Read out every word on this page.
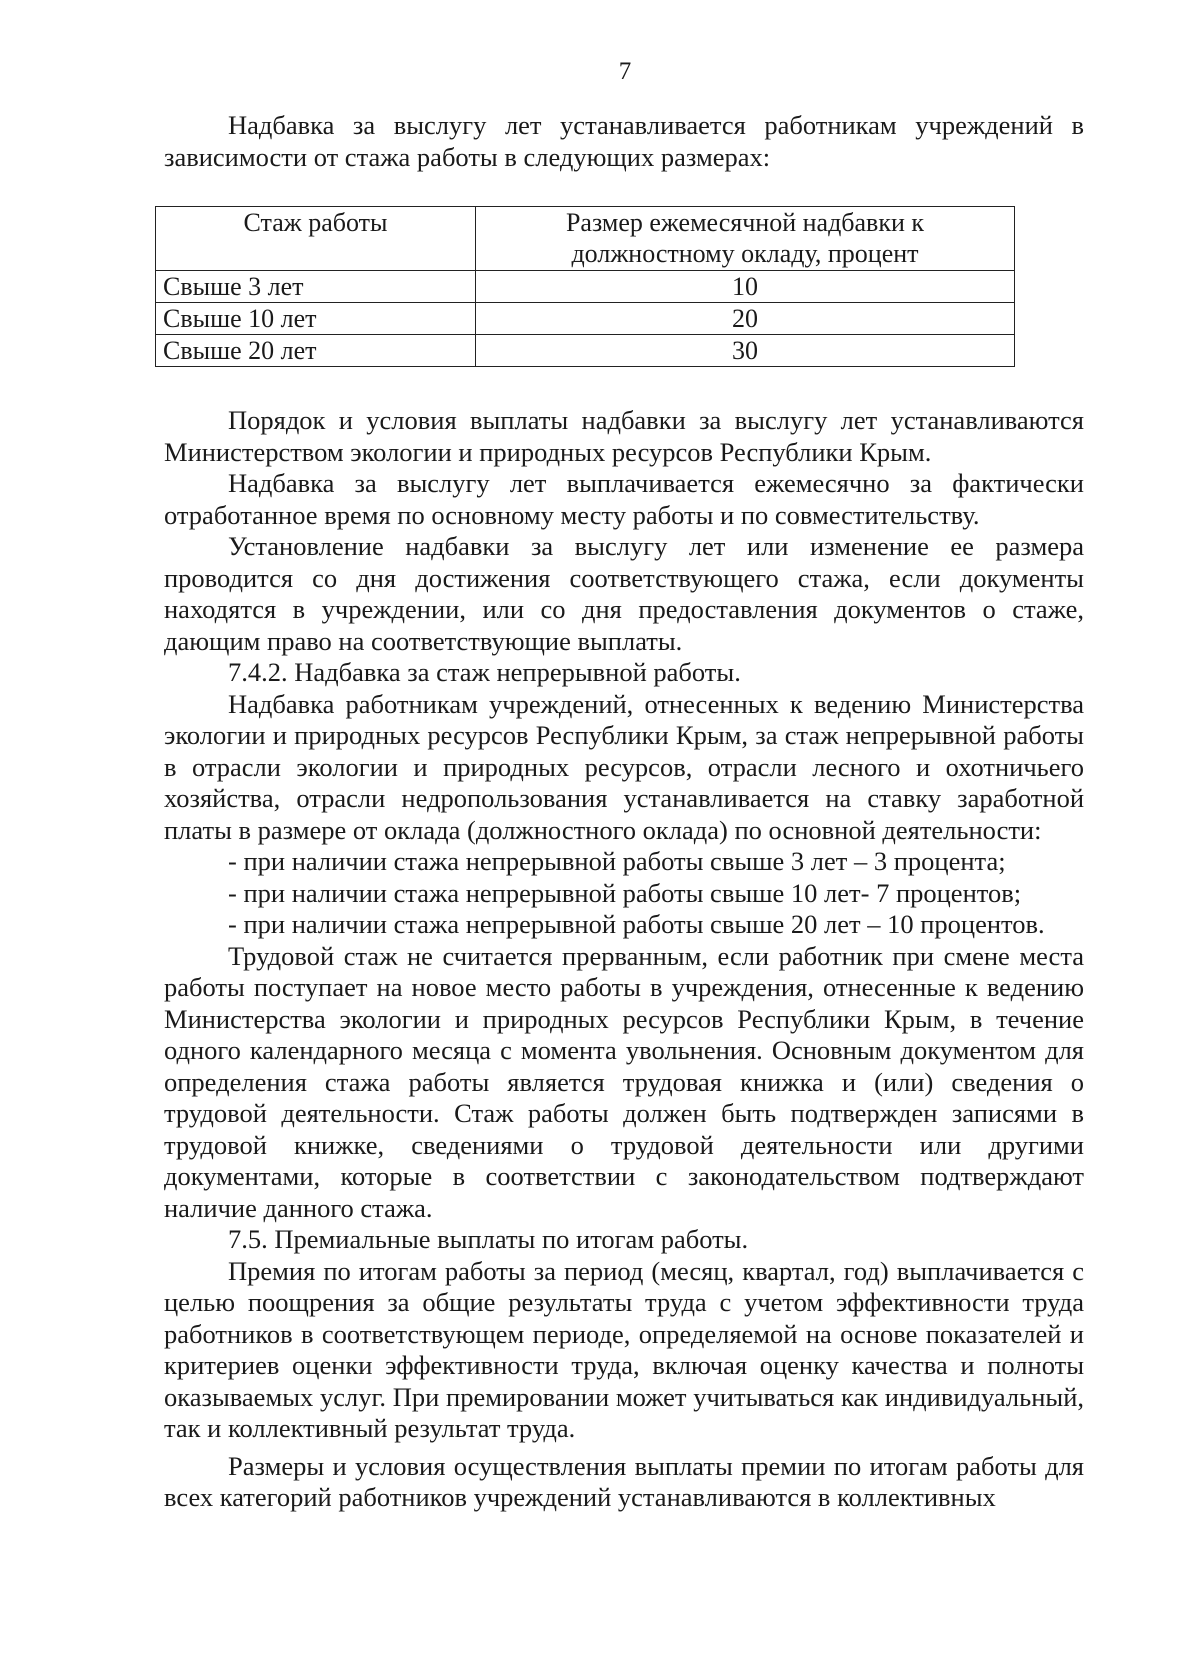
7

Надбавка за выслугу лет устанавливается работникам учреждений в зависимости от стажа работы в следующих размерах:

Стаж работы	Размер ежемесячной надбавки к должностному окладу, процент
Свыше 3 лет	10
Свыше 10 лет	20
Свыше 20 лет	30

Порядок и условия выплаты надбавки за выслугу лет устанавливаются Министерством экологии и природных ресурсов Республики Крым.

Надбавка за выслугу лет выплачивается ежемесячно за фактически отработанное время по основному месту работы и по совместительству.

Установление надбавки за выслугу лет или изменение ее размера проводится со дня достижения соответствующего стажа, если документы находятся в учреждении, или со дня предоставления документов о стаже, дающим право на соответствующие выплаты.

7.4.2. Надбавка за стаж непрерывной работы.

Надбавка работникам учреждений, отнесенных к ведению Министерства экологии и природных ресурсов Республики Крым, за стаж непрерывной работы в отрасли экологии и природных ресурсов, отрасли лесного и охотничьего хозяйства, отрасли недропользования устанавливается на ставку заработной платы в размере от оклада (должностного оклада) по основной деятельности:

- при наличии стажа непрерывной работы свыше 3 лет – 3 процента;

- при наличии стажа непрерывной работы свыше 10 лет- 7 процентов;

- при наличии стажа непрерывной работы свыше 20 лет – 10 процентов.

Трудовой стаж не считается прерванным, если работник при смене места работы поступает на новое место работы в учреждения, отнесенные к ведению Министерства экологии и природных ресурсов Республики Крым, в течение одного календарного месяца с момента увольнения. Основным документом для определения стажа работы является трудовая книжка и (или) сведения о трудовой деятельности. Стаж работы должен быть подтвержден записями в трудовой книжке, сведениями о трудовой деятельности или другими документами, которые в соответствии с законодательством подтверждают наличие данного стажа.

7.5. Премиальные выплаты по итогам работы.

Премия по итогам работы за период (месяц, квартал, год) выплачивается с целью поощрения за общие результаты труда с учетом эффективности труда работников в соответствующем периоде, определяемой на основе показателей и критериев оценки эффективности труда, включая оценку качества и полноты оказываемых услуг. При премировании может учитываться как индивидуальный, так и коллективный результат труда.

Размеры и условия осуществления выплаты премии по итогам работы для всех категорий работников учреждений устанавливаются в коллективных
